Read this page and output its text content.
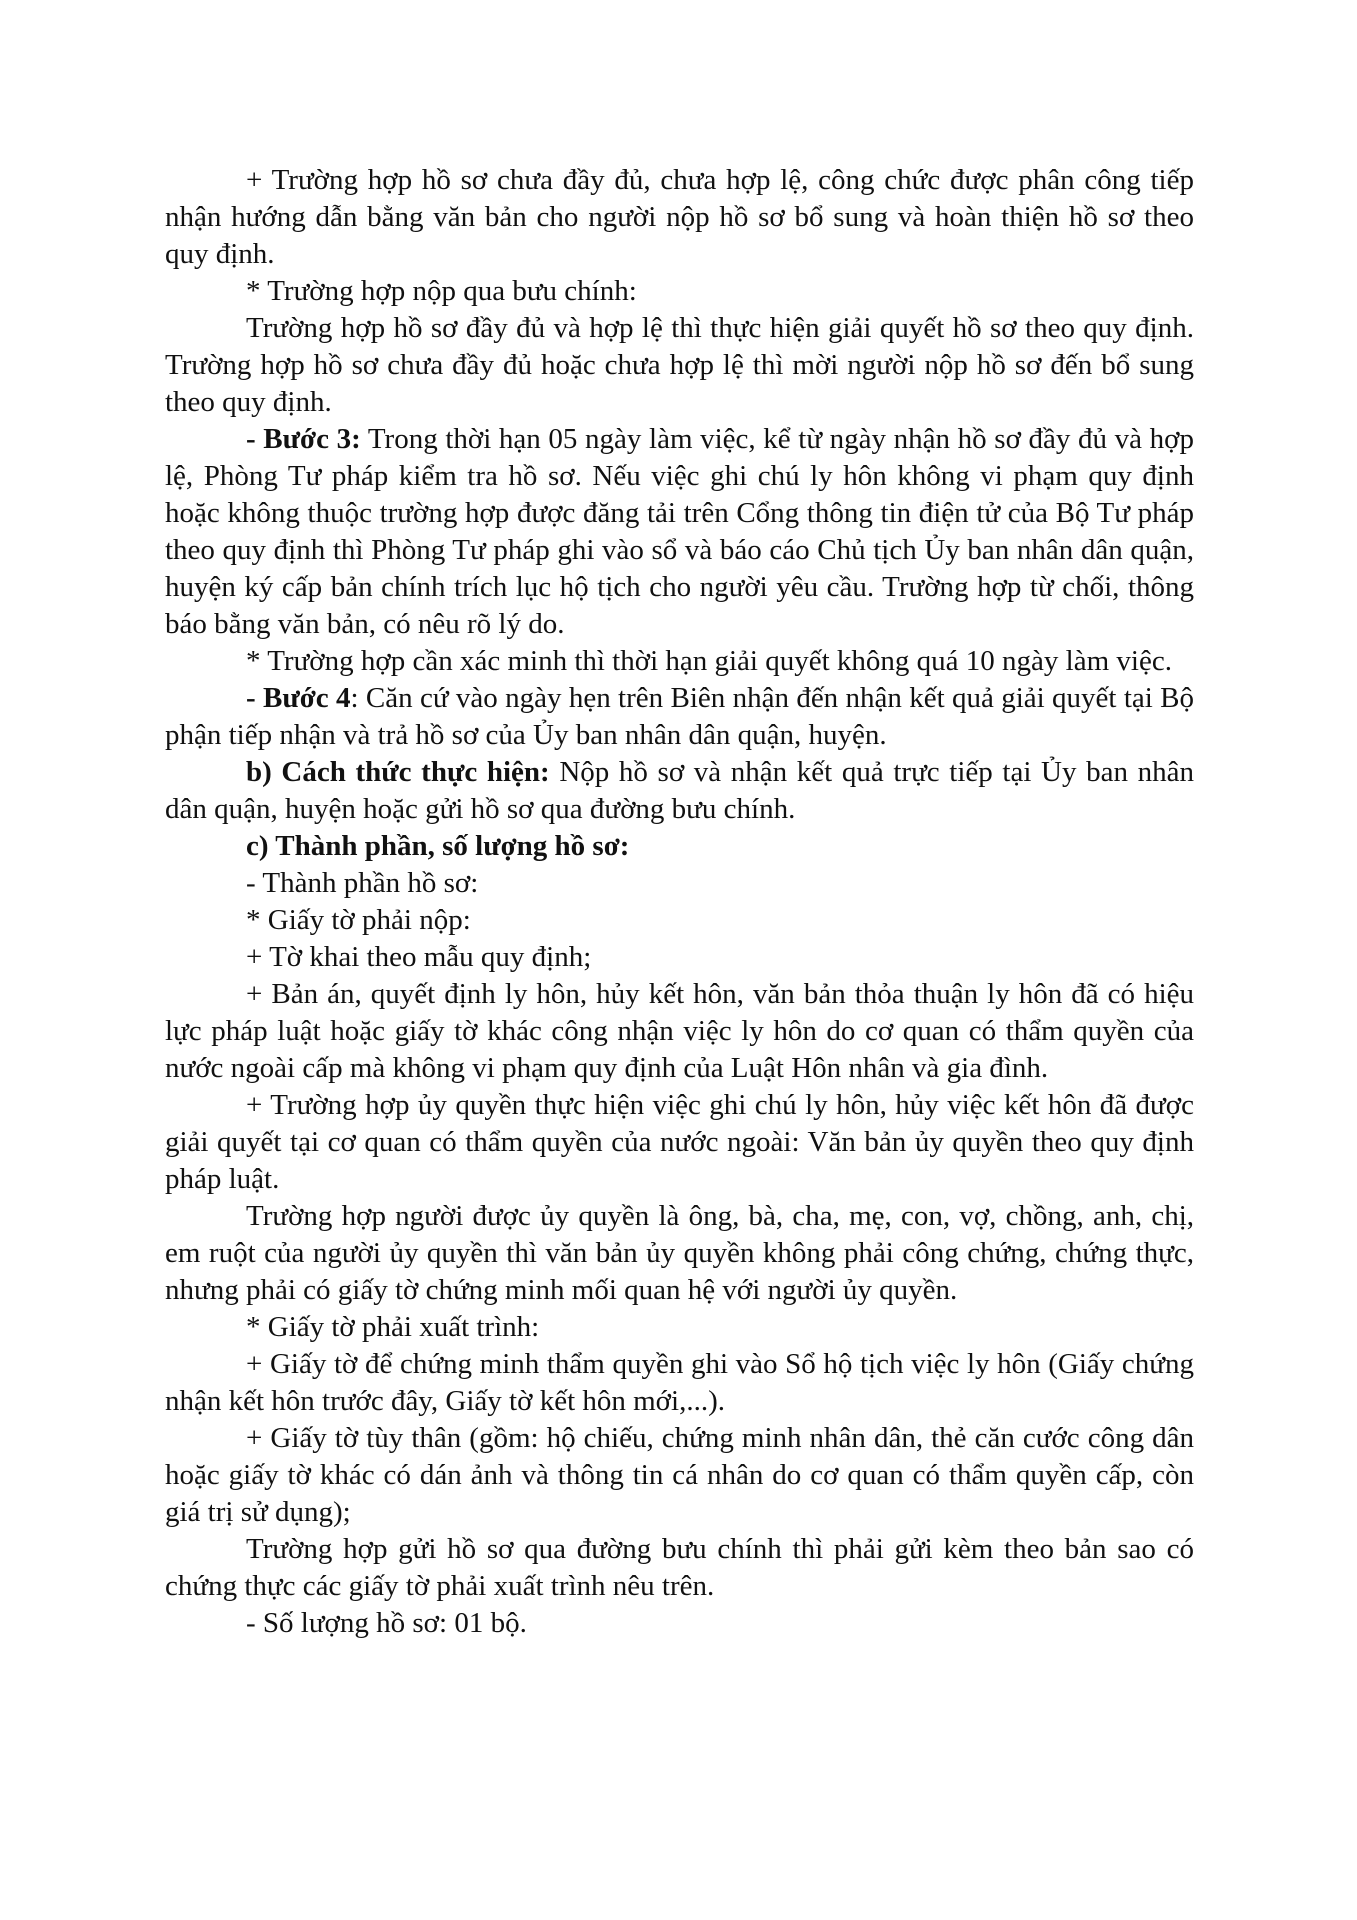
+ Trường hợp hồ sơ chưa đầy đủ, chưa hợp lệ, công chức được phân công tiếp nhận hướng dẫn bằng văn bản cho người nộp hồ sơ bổ sung và hoàn thiện hồ sơ theo quy định.

* Trường hợp nộp qua bưu chính:

Trường hợp hồ sơ đầy đủ và hợp lệ thì thực hiện giải quyết hồ sơ theo quy định. Trường hợp hồ sơ chưa đầy đủ hoặc chưa hợp lệ thì mời người nộp hồ sơ đến bổ sung theo quy định.

- Bước 3: Trong thời hạn 05 ngày làm việc, kể từ ngày nhận hồ sơ đầy đủ và hợp lệ, Phòng Tư pháp kiểm tra hồ sơ. Nếu việc ghi chú ly hôn không vi phạm quy định hoặc không thuộc trường hợp được đăng tải trên Cổng thông tin điện tử của Bộ Tư pháp theo quy định thì Phòng Tư pháp ghi vào sổ và báo cáo Chủ tịch Ủy ban nhân dân quận, huyện ký cấp bản chính trích lục hộ tịch cho người yêu cầu. Trường hợp từ chối, thông báo bằng văn bản, có nêu rõ lý do.

* Trường hợp cần xác minh thì thời hạn giải quyết không quá 10 ngày làm việc.

- Bước 4: Căn cứ vào ngày hẹn trên Biên nhận đến nhận kết quả giải quyết tại Bộ phận tiếp nhận và trả hồ sơ của Ủy ban nhân dân quận, huyện.

b) Cách thức thực hiện: Nộp hồ sơ và nhận kết quả trực tiếp tại Ủy ban nhân dân quận, huyện hoặc gửi hồ sơ qua đường bưu chính.

c) Thành phần, số lượng hồ sơ:

- Thành phần hồ sơ:

* Giấy tờ phải nộp:

+ Tờ khai theo mẫu quy định;

+ Bản án, quyết định ly hôn, hủy kết hôn, văn bản thỏa thuận ly hôn đã có hiệu lực pháp luật hoặc giấy tờ khác công nhận việc ly hôn do cơ quan có thẩm quyền của nước ngoài cấp mà không vi phạm quy định của Luật Hôn nhân và gia đình.

+ Trường hợp ủy quyền thực hiện việc ghi chú ly hôn, hủy việc kết hôn đã được giải quyết tại cơ quan có thẩm quyền của nước ngoài: Văn bản ủy quyền theo quy định pháp luật.

Trường hợp người được ủy quyền là ông, bà, cha, mẹ, con, vợ, chồng, anh, chị, em ruột của người ủy quyền thì văn bản ủy quyền không phải công chứng, chứng thực, nhưng phải có giấy tờ chứng minh mối quan hệ với người ủy quyền.

* Giấy tờ phải xuất trình:

+ Giấy tờ để chứng minh thẩm quyền ghi vào Sổ hộ tịch việc ly hôn (Giấy chứng nhận kết hôn trước đây, Giấy tờ kết hôn mới,...).

+ Giấy tờ tùy thân (gồm: hộ chiếu, chứng minh nhân dân, thẻ căn cước công dân hoặc giấy tờ khác có dán ảnh và thông tin cá nhân do cơ quan có thẩm quyền cấp, còn giá trị sử dụng);

Trường hợp gửi hồ sơ qua đường bưu chính thì phải gửi kèm theo bản sao có chứng thực các giấy tờ phải xuất trình nêu trên.

- Số lượng hồ sơ: 01 bộ.
